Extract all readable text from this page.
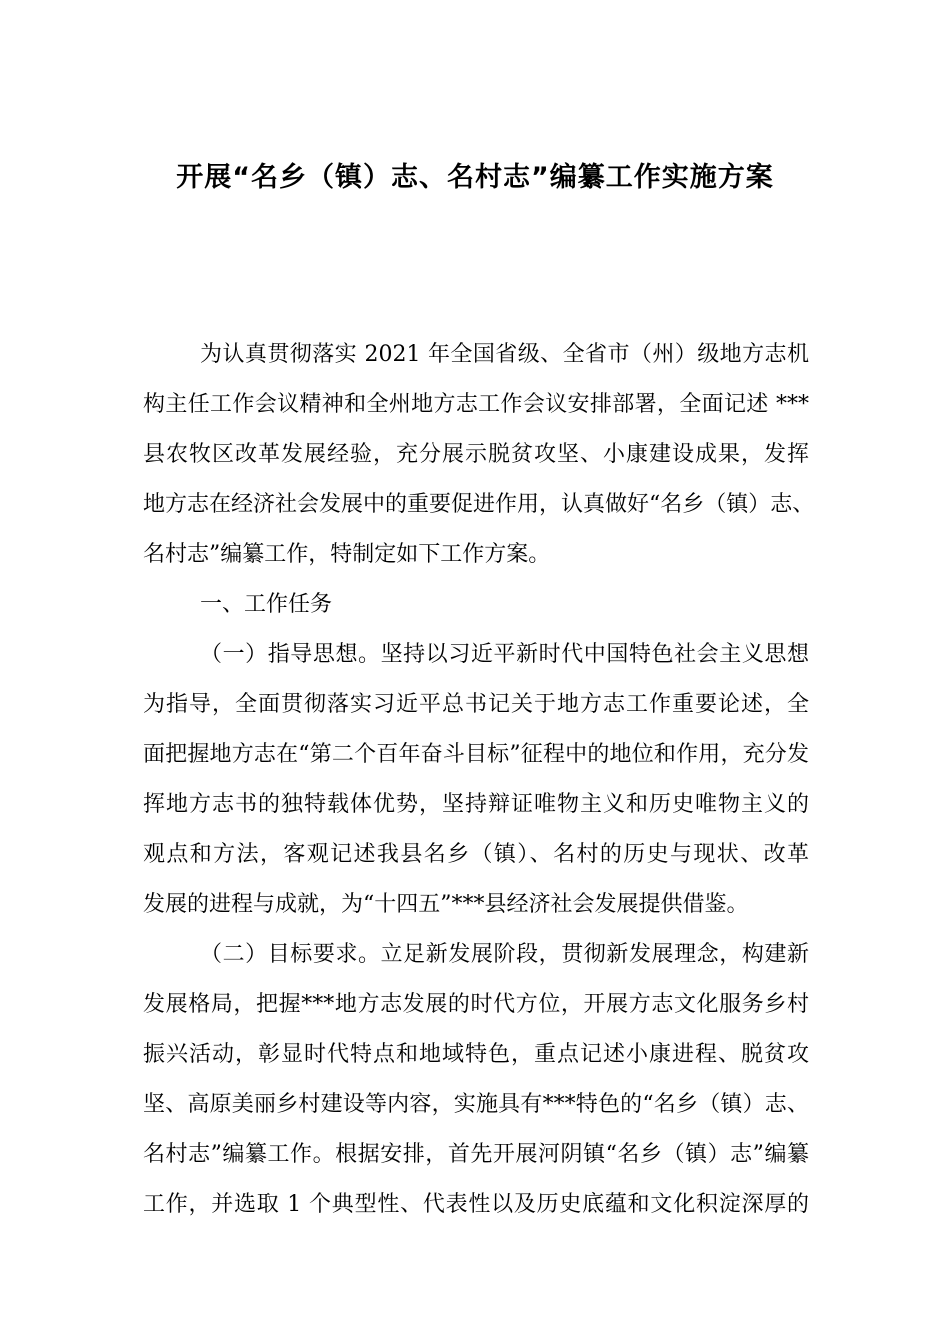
开展“名乡（镇）志、名村志”编纂工作实施方案

为认真贯彻落实 2021 年全国省级、全省市（州）级地方志机
构主任工作会议精神和全州地方志工作会议安排部署，全面记述 ***
县农牧区改革发展经验，充分展示脱贫攻坚、小康建设成果，发挥
地方志在经济社会发展中的重要促进作用，认真做好“名乡（镇）志、
名村志”编纂工作，特制定如下工作方案。

一、工作任务

（一）指导思想。坚持以习近平新时代中国特色社会主义思想
为指导，全面贯彻落实习近平总书记关于地方志工作重要论述，全
面把握地方志在“第二个百年奋斗目标”征程中的地位和作用，充分发
挥地方志书的独特载体优势，坚持辩证唯物主义和历史唯物主义的
观点和方法，客观记述我县名乡（镇）、名村的历史与现状、改革
发展的进程与成就，为“十四五”***县经济社会发展提供借鉴。

（二）目标要求。立足新发展阶段，贯彻新发展理念，构建新
发展格局，把握***地方志发展的时代方位，开展方志文化服务乡村
振兴活动，彰显时代特点和地域特色，重点记述小康进程、脱贫攻
坚、高原美丽乡村建设等内容，实施具有***特色的“名乡（镇）志、
名村志”编纂工作。根据安排，首先开展河阴镇“名乡（镇）志”编纂
工作，并选取 1 个典型性、代表性以及历史底蕴和文化积淀深厚的
